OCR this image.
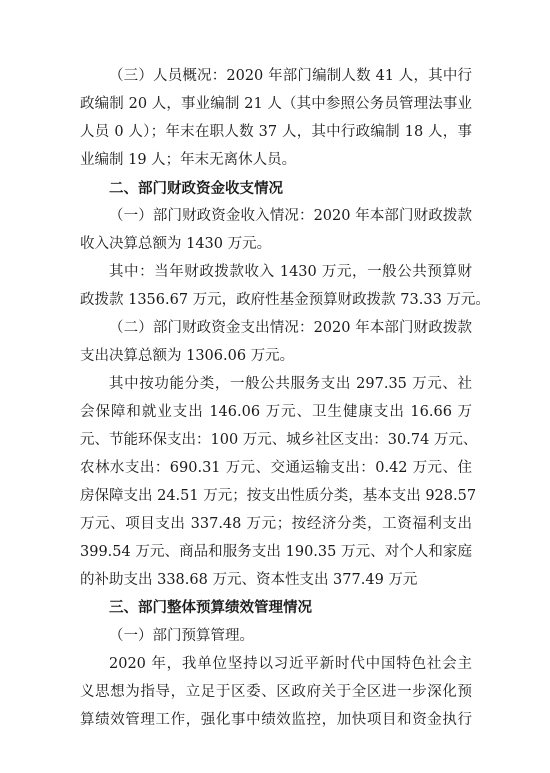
（三）人员概况：2020 年部门编制人数 41 人，其中行
政编制 20 人，事业编制 21 人（其中参照公务员管理法事业
人员 0 人）；年末在职人数 37 人，其中行政编制 18 人，事
业编制 19 人；年末无离休人员。
二、部门财政资金收支情况
（一）部门财政资金收入情况：2020 年本部门财政拨款
收入决算总额为 1430 万元。
其中：当年财政拨款收入 1430 万元，一般公共预算财
政拨款 1356.67 万元，政府性基金预算财政拨款 73.33 万元。
（二）部门财政资金支出情况：2020 年本部门财政拨款
支出决算总额为 1306.06 万元。
其中按功能分类，一般公共服务支出 297.35 万元、社
会保障和就业支出 146.06 万元、卫生健康支出 16.66 万
元、节能环保支出：100 万元、城乡社区支出：30.74 万元、
农林水支出：690.31 万元、交通运输支出：0.42 万元、住
房保障支出 24.51 万元；按支出性质分类，基本支出 928.57
万元、项目支出 337.48 万元；按经济分类，工资福利支出
399.54 万元、商品和服务支出 190.35 万元、对个人和家庭
的补助支出 338.68 万元、资本性支出 377.49 万元
三、部门整体预算绩效管理情况
（一）部门预算管理。
2020 年，我单位坚持以习近平新时代中国特色社会主
义思想为指导，立足于区委、区政府关于全区进一步深化预
算绩效管理工作，强化事中绩效监控，加快项目和资金执行
